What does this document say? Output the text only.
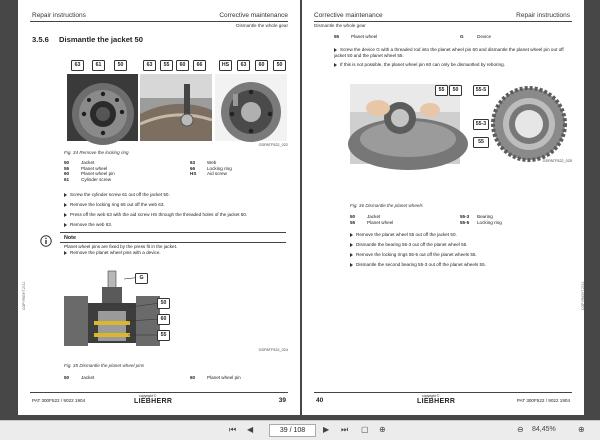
Repair instructions	Corrective maintenance
Dismantle the whole gear
3.5.6 Dismantle the jacket 50
63	61	50	63	55	60	66	HS	63	60	50
GSPATF522_022
Fig. 34 Remove the locking ring
50	Jacket	63	Web
55	Planet wheel	66	Locking ring
60	Planet wheel pin	HS Aid screw
61	Cylinder screw
Screw the cylinder screw 61 out off the jacket 50.
Remove the locking ring 66 out off the web 63.
Press off the web 63 with the aid screw HS through the threaded holes of the jacket 50.
Remove the web 63.
Note
Planet wheel pins are fixed by the press fit in the jacket.
Remove the planet wheel pins with a device.
G
50
60
55
GSPATF522_024
Fig. 35 Dismantle the planet wheel pins
50	Jacket	60	Planet wheel pin
COPYRIGHT 2011
PAT 300F522 / 9022 1904
copyright ©
LIEBHERR	39
Corrective maintenance	Repair instructions
Dismantle the whole gear
55	Planet wheel	G	Device
Screw the device G with a threaded rod into the planet wheel pin 60 and dismantle the planet wheel pin out off jacket 50 and the planet wheel 55.
If this is not possible, the planet wheel pin 60 can only be dismantled by reboring.
55	50	55-5
55-3
55
GSPATF522_025
Fig. 36 Dismantle the planet wheels
50	Jacket	55-3 Bearing
55	Planet wheel	55-5 Locking ring
Remove the planet wheel 55 out off the jacket 50.
Dismantle the bearing 55-3 out off the planet wheel 55.
Remove the locking rings 55-5 out off the planet wheels 55.
Dismantle the second bearing 55-3 out off the planet wheels 55.
COPYRIGHT 2011
40
copyright ©
LIEBHERR	PAT 300F522 / 9022 1904
⏮ ◀	39 / 108	▶ ⏭ ▢ ⊕	⊖ 84,45%	⊕
